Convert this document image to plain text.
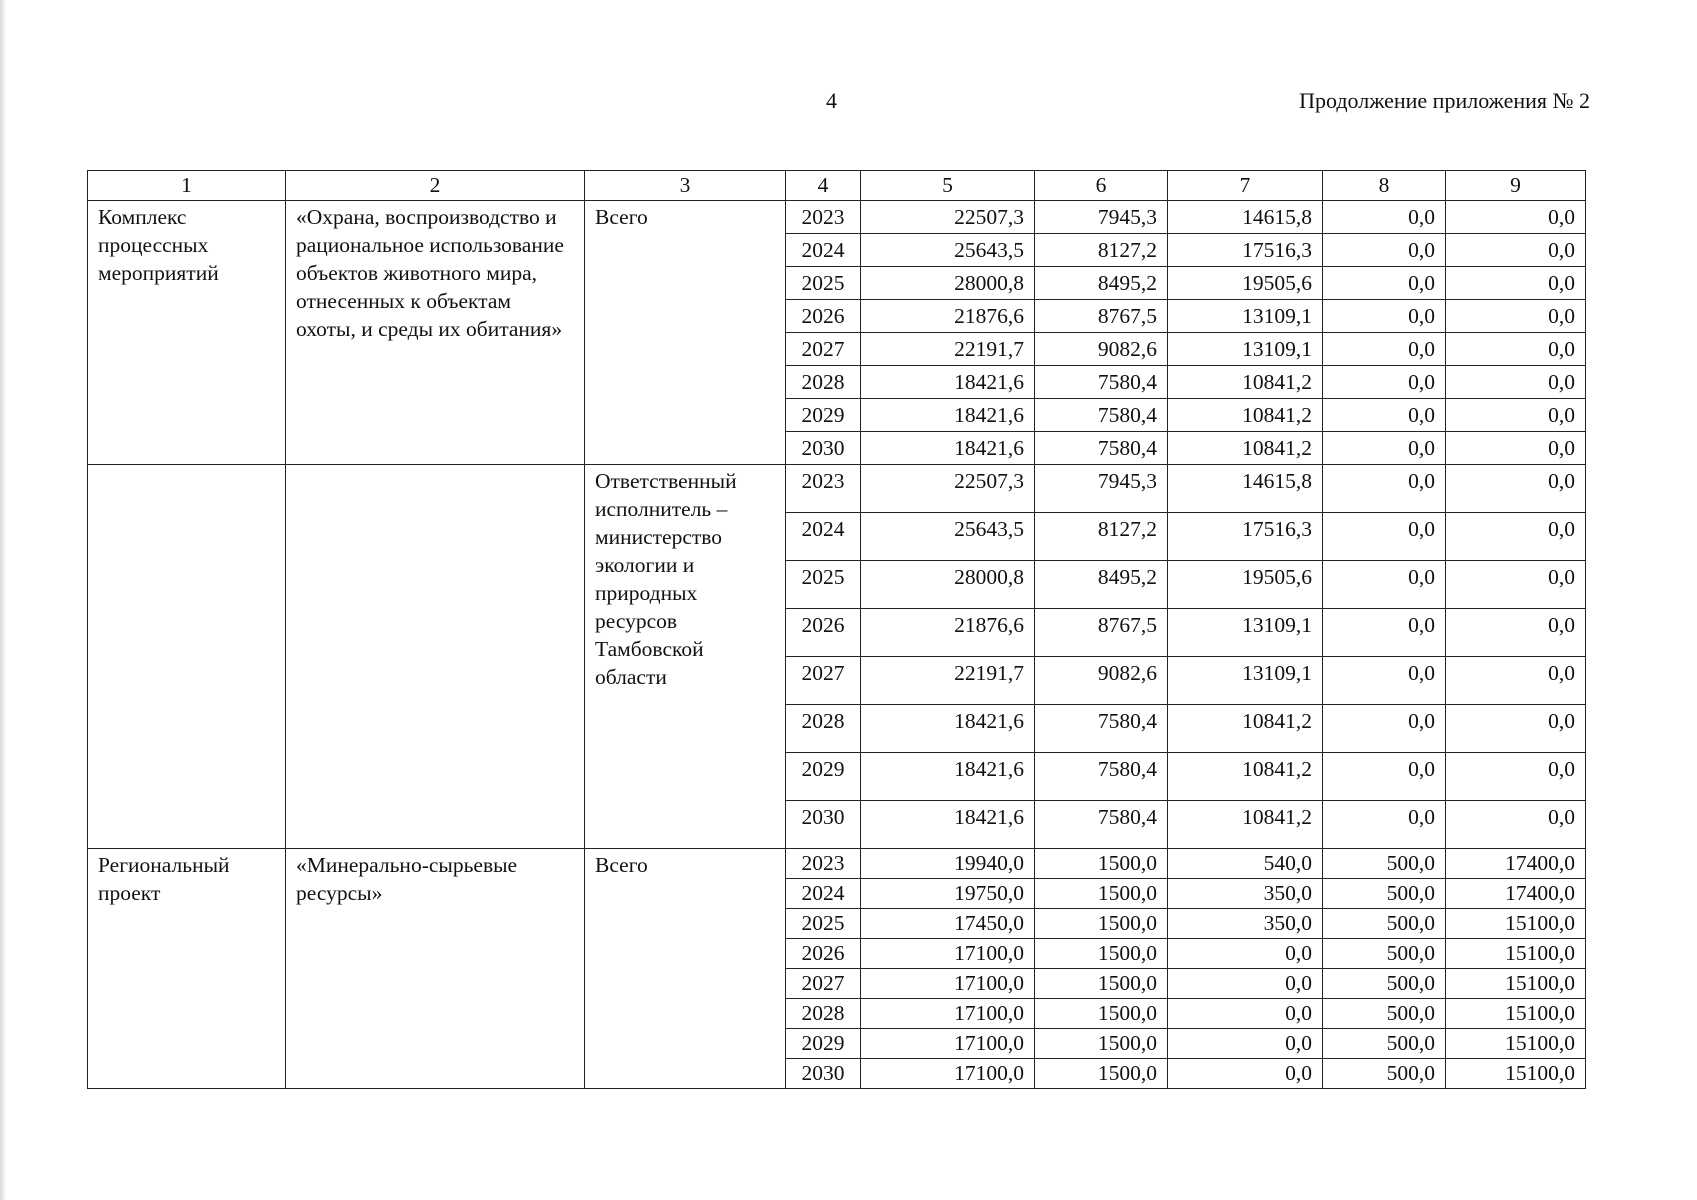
4	Продолжение приложения № 2
1	2	3	4	5	6	7	8	9
Комплекс процессных мероприятий	«Охрана, воспроизводство и рациональное использование объектов животного мира, отнесенных к объектам охоты, и среды их обитания»	Всего	2023	22507,3	7945,3	14615,8	0,0	0,0
			2024	25643,5	8127,2	17516,3	0,0	0,0
			2025	28000,8	8495,2	19505,6	0,0	0,0
			2026	21876,6	8767,5	13109,1	0,0	0,0
			2027	22191,7	9082,6	13109,1	0,0	0,0
			2028	18421,6	7580,4	10841,2	0,0	0,0
			2029	18421,6	7580,4	10841,2	0,0	0,0
			2030	18421,6	7580,4	10841,2	0,0	0,0
		Ответственный исполнитель – министерство экологии и природных ресурсов Тамбовской области	2023	22507,3	7945,3	14615,8	0,0	0,0
			2024	25643,5	8127,2	17516,3	0,0	0,0
			2025	28000,8	8495,2	19505,6	0,0	0,0
			2026	21876,6	8767,5	13109,1	0,0	0,0
			2027	22191,7	9082,6	13109,1	0,0	0,0
			2028	18421,6	7580,4	10841,2	0,0	0,0
			2029	18421,6	7580,4	10841,2	0,0	0,0
			2030	18421,6	7580,4	10841,2	0,0	0,0
Региональный проект	«Минерально-сырьевые ресурсы»	Всего	2023	19940,0	1500,0	540,0	500,0	17400,0
			2024	19750,0	1500,0	350,0	500,0	17400,0
			2025	17450,0	1500,0	350,0	500,0	15100,0
			2026	17100,0	1500,0	0,0	500,0	15100,0
			2027	17100,0	1500,0	0,0	500,0	15100,0
			2028	17100,0	1500,0	0,0	500,0	15100,0
			2029	17100,0	1500,0	0,0	500,0	15100,0
			2030	17100,0	1500,0	0,0	500,0	15100,0
